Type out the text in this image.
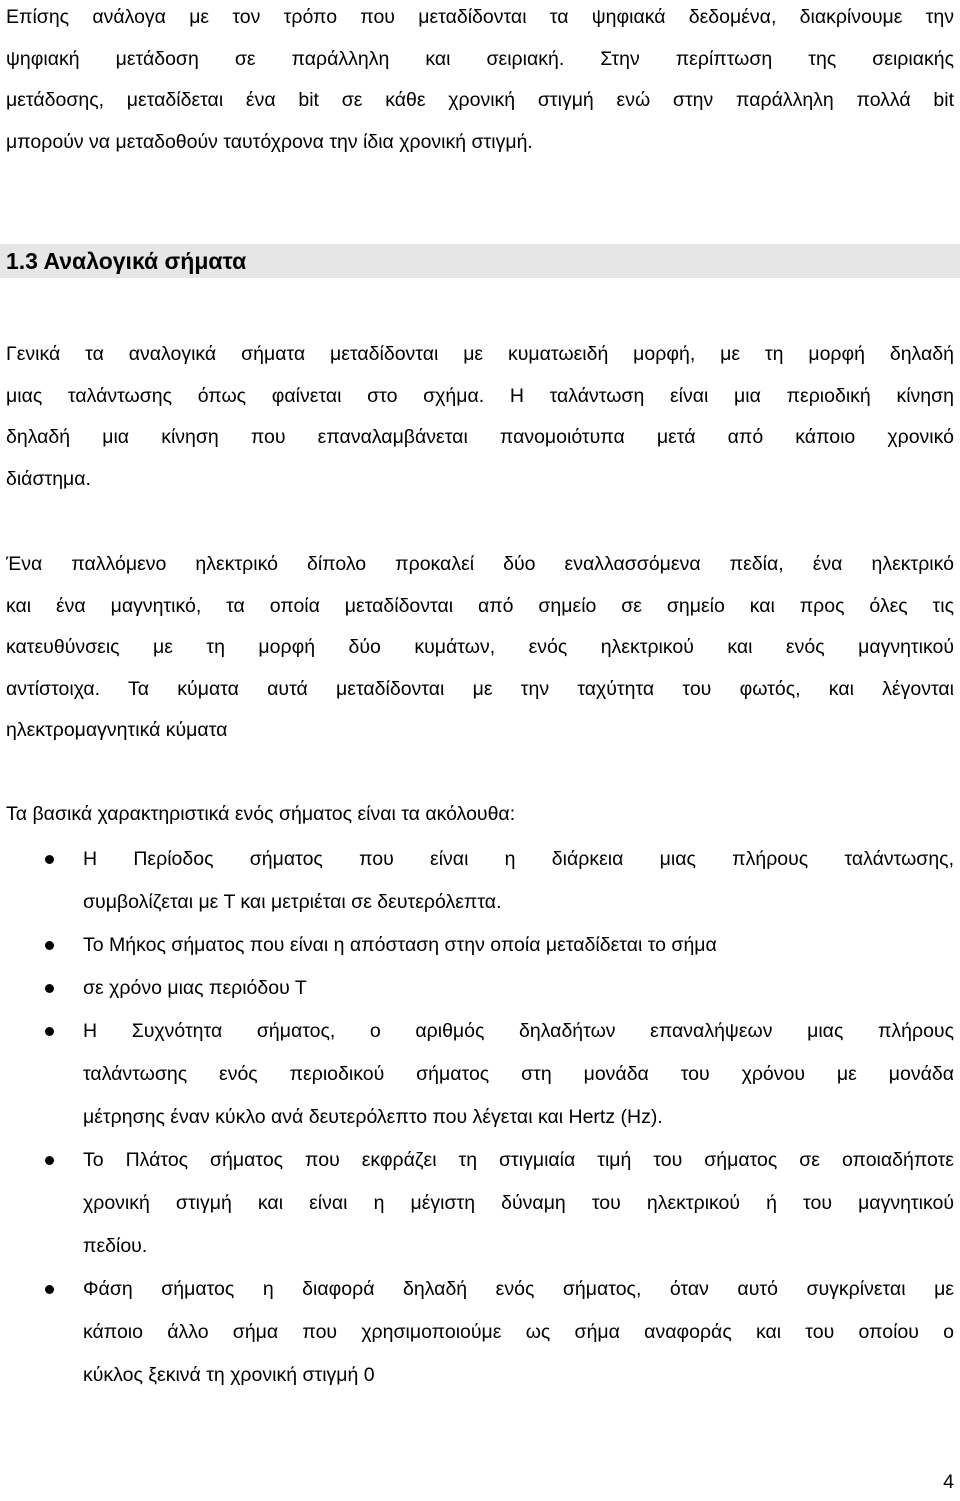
Επίσης ανάλογα με τον τρόπο που μεταδίδονται τα ψηφιακά δεδομένα, διακρίνουμε την
ψηφιακή μετάδοση σε παράλληλη και σειριακή. Στην περίπτωση της σειριακής
μετάδοσης, μεταδίδεται ένα bit σε κάθε χρονική στιγμή ενώ στην παράλληλη πολλά bit
μπορούν να μεταδοθούν ταυτόχρονα την ίδια χρονική στιγμή.

1.3 Αναλογικά σήματα

Γενικά τα αναλογικά σήματα μεταδίδονται με κυματωειδή μορφή, με τη μορφή δηλαδή
μιας ταλάντωσης όπως φαίνεται στο σχήμα. Η ταλάντωση είναι μια περιοδική κίνηση
δηλαδή μια κίνηση που επαναλαμβάνεται πανομοιότυπα μετά από κάποιο χρονικό
διάστημα.

Ένα παλλόμενο ηλεκτρικό δίπολο προκαλεί δύο εναλλασσόμενα πεδία, ένα ηλεκτρικό
και ένα μαγνητικό, τα οποία μεταδίδονται από σημείο σε σημείο και προς όλες τις
κατευθύνσεις με τη μορφή δύο κυμάτων, ενός ηλεκτρικού και ενός μαγνητικού
αντίστοιχα. Τα κύματα αυτά μεταδίδονται με την ταχύτητα του φωτός, και λέγονται
ηλεκτρομαγνητικά κύματα

Τα βασικά χαρακτηριστικά ενός σήματος είναι τα ακόλουθα:

Η Περίοδος σήματος που είναι η διάρκεια μιας πλήρους ταλάντωσης,
συμβολίζεται με Τ και μετριέται σε δευτερόλεπτα.
Το Μήκος σήματος που είναι η απόσταση στην οποία μεταδίδεται το σήμα
σε χρόνο μιας περιόδου Τ
Η Συχνότητα σήματος, ο αριθμός δηλαδήτων επαναλήψεων μιας πλήρους
ταλάντωσης ενός περιοδικού σήματος στη μονάδα του χρόνου με μονάδα
μέτρησης έναν κύκλο ανά δευτερόλεπτο που λέγεται και Hertz (Hz).
Το Πλάτος σήματος που εκφράζει τη στιγμιαία τιμή του σήματος σε οποιαδήποτε
χρονική στιγμή και είναι η μέγιστη δύναμη του ηλεκτρικού ή του μαγνητικού
πεδίου.
Φάση σήματος η διαφορά δηλαδή ενός σήματος, όταν αυτό συγκρίνεται με
κάποιο άλλο σήμα που χρησιμοποιούμε ως σήμα αναφοράς και του οποίου ο
κύκλος ξεκινά τη χρονική στιγμή 0
4
